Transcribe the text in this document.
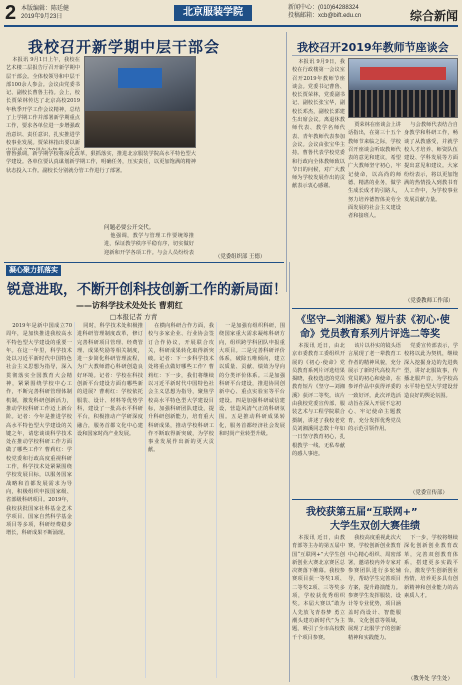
2 本版编辑：陈廷健
2019年9月23日	北京服装学院	新闻中心：(010)64288324
投稿邮箱：xcb@bift.edu.cn	综合新闻
我校召开新学期中层干部会
本报讯 9月1日上午，我校在艺术楼二层报告厅召开新学期中层干部会。全体校领导和中层干部100余人参会。会议由党委书记、副校长曹鲁主持。会上，校长贾荣林传达了北京高校2019年秋季开学工作会议精神，总结了上学期工作并部署新学期重点工作，要求各单位进一步增强政治意识、责任意识，扎实推进学校事业发展。贾荣林指出要以新
曹鲁强调，新学期学校将深化改革，狠抓落实，推进北京服装学院高水平特色型大学建设。各单位要认真谋划新学期工作，明确任务，压实责任，以更加饱满的精神状态投入工作。副校长分别就分管工作进行了部署。
问题必要公开交代。
他强调，教学与管理工作要统筹推进，保证教学秩序平稳有序，切实做好迎新和开学各项工作。与会人员纷纷表
（党委组织部 王德）
凝心聚力抓落实
锐意进取，不断开创科技创新工作的新局面！
——访科学技术处处长 曹莉红
□本报记者 方青
2019年是新中国成立70周年，是加快推进我校高水平特色型大学建设的重要一年。在这一年里，科学技术处以习近平新时代中国特色社会主义思想为指导，深入贯彻落实全国教育大会精神，紧紧围绕学校中心工作，不断完善科研管理体制机制，激发科研创新活力，推动学校科研工作迈上新台阶。记者：今年是推进学校高水平特色型大学建设的关键之年，请您谈谈科学技术处在推动学校科研工作方面做了哪些工作？曹莉红：学校党委和行政高度重视科研工作，科学技术处紧紧围绕学校发展目标，以服务国家战略和首都发展需求为导向，积极组织申报国家级、省部级科研项目。2019年，我校获批国家社科基金艺术学项目、国家自然科学基金项目等多项，科研经费稳步增长，科研成果不断涌现。
同时，科学技术处积极推进科研管理制度改革，修订完善科研项目管理、经费管理、成果奖励等相关制度，进一步简化科研管理流程，为广大教师潜心科研创造良好环境。记者：学校在科技创新平台建设方面有哪些新的进展？曹莉红：学校依托服装、设计、材料等优势学科，建设了一批高水平科研平台，积极推动产学研深度融合，服务首都文化中心建设和国家时尚产业发展。
在横向科研合作方面，我校与多家企业、行业协会签订合作协议，开展联合攻关，科研成果转化取得新突破。记者：下一步科学技术处将重点做好哪些工作？曹莉红：下一步，我们将继续以习近平新时代中国特色社会主义思想为指导，聚焦学校高水平特色型大学建设目标，加强科研团队建设，提升科研创新能力，培育重大科研成果，推动学校科研工作不断取得新突破，为学校事业发展作出新的更大贡献。
一是加强有组织科研，围绕国家重大需求凝练科研方向，组织跨学科团队申报重大项目。二是完善科研评价体系，破除五唯倾向，建立以质量、贡献、绩效为导向的分类评价体系。三是加强科研平台建设，推进协同创新中心、重点实验室等平台建设。四是加强科研诚信建设，营造风清气正的科研氛围。五是推动科研成果转化，服务首都经济社会发展和时尚产业转型升级。
我校召开2019年教师节座谈会
本报讯 9月9日，我校在行政楼第一会议室召开2019年教师节座谈会。党委书记曹鲁、校长贾荣林，党委副书记、副校长张宝华，副校长邓杰，副校长郭建生出席会议。离退休教师代表、教学名师代表、青年教师代表参加会议。会议由张宝华主持。曹鲁代表学校党委和行政向全体教师致以节日的问候，对广大教师为学校发展作出的贡献表示衷心感谢。
贾荣林在座谈会上讲话指出，在第三十五个教师节来临之际，学校召开座谈会听取教师代表的意见和建议，希望广大教师坚守初心，牢记使命，以高尚的师德、精湛的业务，做学生成长成才的引路人，努力培养德智体美劳全面发展的社会主义建设者和接班人。
与会教师代表结合自身教学和科研工作，畅谈了从教感受，并就学校人才培养、师资队伍建设、学科发展等方面提出意见和建议。大家纷纷表示，将以更加饱满的热情投入到教书育人工作中，为学校事业发展贡献力量。
（党委教师工作部）
《坚守—刘湘溪》短片获《初心·使
命》党员教育系列片评选二等奖
本报讯 近日，由北京市委教育工委组织开展的《初心·使命》党员教育系列片评选结果揭晓，我校选送的党员教育短片《坚守—刘湘溪》获评二等奖。该片由我校党委宣传部、服装艺术与工程学院联合摄制，讲述了我校老党员刘湘溪同志数十年如一日坚守教育初心，扎根教学一线、无私奉献的感人事迹。
该片以朴实的镜头语言展现了老一辈教育工作者的精神风貌，充分展示了新时代高校共产党员的初心和使命，在参评作品中获得评委的一致好评。此次评选活动旨在深入开展不忘初心、牢记使命主题教育，充分发挥优秀党员的示范引领作用。
党委宣传部表示，学校将以此为契机，继续深入挖掘身边的先进典型，讲好北服故事，传播北服声音，为学校高水平特色型大学建设营造良好的舆论氛围。
（党委宣传部）
我校获第五届“互联网+”
大学生双创大赛佳绩
本报讯 近日，由教育部等主办的第五届中国“互联网+”大学生创新创业大赛北京赛区总决赛落下帷幕。我校参赛项目获一等奖1项、二等奖2项、三等奖多项，学校获优秀组织奖。本届大赛以“敢为人先放飞青春梦 勇立潮头建功新时代”为主题，吸引了全市高校数千个项目参赛。
我校高度重视此次大赛，学校创新创业教育中心精心组织、周密部署，邀请校内外专家对参赛团队进行多轮辅导，帮助学生完善项目方案，提升路演能力。参赛学生发挥服装、设计等专业优势，项目涵盖时尚设计、智能服饰、文化创意等领域，展现了北服学子的创新精神和实践能力。
下一步，学校将继续深化创新创业教育改革，完善双创教育体系，搭建更多实践平台，激发学生创新创业热情，培养更多具有创新精神和创业能力的高素质人才。
（教务处 学生处）
